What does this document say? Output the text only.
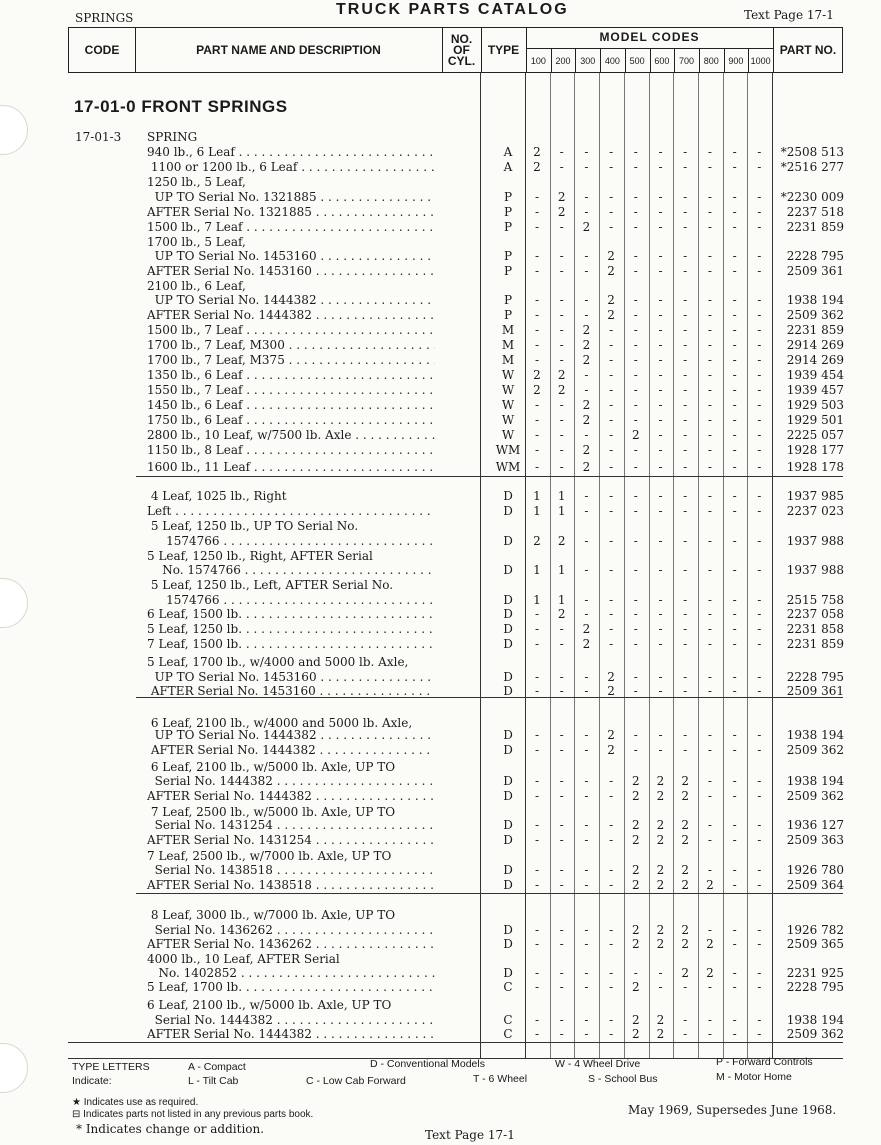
SPRINGS	TRUCK PARTS CATALOG	Text Page 17-1
CODE	PART NAME AND DESCRIPTION
NO.
OF
CYL.
TYPE
MODEL CODES
100	200	300	400	500	600	700	800	900 1000
PART NO.
17-01-0 FRONT SPRINGS
17-01-3 SPRING
940 lb., 6 Leaf . . .	A	2	-	-	-	-	-	-	-	-	-	*2508 513
1100 or 1200 lb., 6 Leaf . . .	A	2	-	-	-	-	-	-	-	-	-	*2516 277
1250 lb., 5 Leaf,
UP TO Serial No. 1321885 . . .	P	-	2	-	-	-	-	-	-	-	-	*2230 009
AFTER Serial No. 1321885 . . .	P	-	2	-	-	-	-	-	-	-	-	2237 518
1500 lb., 7 Leaf . . .	P	-	-	2	-	-	-	-	-	-	-	2231 859
1700 lb., 5 Leaf,
UP TO Serial No. 1453160 . . .	P	-	-	-	2	-	-	-	-	-	-	2228 795
AFTER Serial No. 1453160 . . .	P	-	-	-	2	-	-	-	-	-	-	2509 361
2100 lb., 6 Leaf,
UP TO Serial No. 1444382 . . .	P	-	-	-	2	-	-	-	-	-	-	1938 194
AFTER Serial No. 1444382 . . .	P	-	-	-	2	-	-	-	-	-	-	2509 362
1500 lb., 7 Leaf . . .	M	-	-	2	-	-	-	-	-	-	-	2231 859
1700 lb., 7 Leaf, M300 . . .	M	-	-	2	-	-	-	-	-	-	-	2914 269
1700 lb., 7 Leaf, M375 . . .	M	-	-	2	-	-	-	-	-	-	-	2914 269
1350 lb., 6 Leaf . . .	W	2	2	-	-	-	-	-	-	-	-	1939 454
1550 lb., 7 Leaf . . .	W	2	2	-	-	-	-	-	-	-	-	1939 457
1450 lb., 6 Leaf . . .	W	-	-	2	-	-	-	-	-	-	-	1929 503
1750 lb., 6 Leaf . . .	W	-	-	2	-	-	-	-	-	-	-	1929 501
2800 lb., 10 Leaf, w/7500 lb. Axle . . .	W	-	-	-	-	2	-	-	-	-	-	2225 057
1150 lb., 8 Leaf . . .	WM	-	-	2	-	-	-	-	-	-	-	1928 177
1600 lb., 11 Leaf . . .	WM	-	-	2	-	-	-	-	-	-	-	1928 178
4 Leaf, 1025 lb., Right	D	1	1	-	-	-	-	-	-	-	-	1937 985
Left . . .	D	1	1	-	-	-	-	-	-	-	-	2237 023
5 Leaf, 1250 lb., UP TO Serial No.
1574766 . . .	D	2	2	-	-	-	-	-	-	-	-	1937 988
5 Leaf, 1250 lb., Right, AFTER Serial
No. 1574766 . . .	D	1	1	-	-	-	-	-	-	-	-	1937 988
5 Leaf, 1250 lb., Left, AFTER Serial No.
1574766 . . .	D	1	1	-	-	-	-	-	-	-	-	2515 758
6 Leaf, 1500 lb. . . .	D	-	2	-	-	-	-	-	-	-	-	2237 058
5 Leaf, 1250 lb. . . .	D	-	-	2	-	-	-	-	-	-	-	2231 858
7 Leaf, 1500 lb. . . .	D	-	-	2	-	-	-	-	-	-	-	2231 859
5 Leaf, 1700 lb., w/4000 and 5000 lb. Axle,
UP TO Serial No. 1453160 . . .	D	-	-	-	2	-	-	-	-	-	-	2228 795
AFTER Serial No. 1453160 . . .	D	-	-	-	2	-	-	-	-	-	-	2509 361
6 Leaf, 2100 lb., w/4000 and 5000 lb. Axle,
UP TO Serial No. 1444382 . . .	D	-	-	-	2	-	-	-	-	-	-	1938 194
AFTER Serial No. 1444382 . . .	D	-	-	-	2	-	-	-	-	-	-	2509 362
6 Leaf, 2100 lb., w/5000 lb. Axle, UP TO
Serial No. 1444382 . . .	D	-	-	-	-	2	2	2	-	-	-	1938 194
AFTER Serial No. 1444382 . . .	D	-	-	-	-	2	2	2	-	-	-	2509 362
7 Leaf, 2500 lb., w/5000 lb. Axle, UP TO
Serial No. 1431254 . . .	D	-	-	-	-	2	2	2	-	-	-	1936 127
AFTER Serial No. 1431254 . . .	D	-	-	-	-	2	2	2	-	-	-	2509 363
7 Leaf, 2500 lb., w/7000 lb. Axle, UP TO
Serial No. 1438518 . . .	D	-	-	-	-	2	2	2	-	-	-	1926 780
AFTER Serial No. 1438518 . . .	D	-	-	-	-	2	2	2	2	-	-	2509 364
8 Leaf, 3000 lb., w/7000 lb. Axle, UP TO
Serial No. 1436262 . . .	D	-	-	-	-	2	2	2	-	-	-	1926 782
AFTER Serial No. 1436262 . . .	D	-	-	-	-	2	2	2	2	-	-	2509 365
4000 lb., 10 Leaf, AFTER Serial
No. 1402852 . . .	D	-	-	-	-	-	-	2	2	-	-	2231 925
5 Leaf, 1700 lb. . . .	C	-	-	-	-	2	-	-	-	-	-	2228 795
6 Leaf, 2100 lb., w/5000 lb. Axle, UP TO
Serial No. 1444382 . . .	C	-	-	-	-	2	2	-	-	-	-	1938 194
AFTER Serial No. 1444382 . . .	C	-	-	-	-	2	2	-	-	-	-	2509 362
TYPE LETTERS
Indicate:
A - Compact	D - Conventional Models	W - 4 Wheel Drive	P - Forward Controls
L - Tilt Cab	C - Low Cab Forward	T - 6 Wheel	S - School Bus	M - Motor Home
★ Indicates use as required.
⊟ Indicates parts not listed in any previous parts book.
* Indicates change or addition.
May 1969, Supersedes June 1968.
Text Page 17-1
